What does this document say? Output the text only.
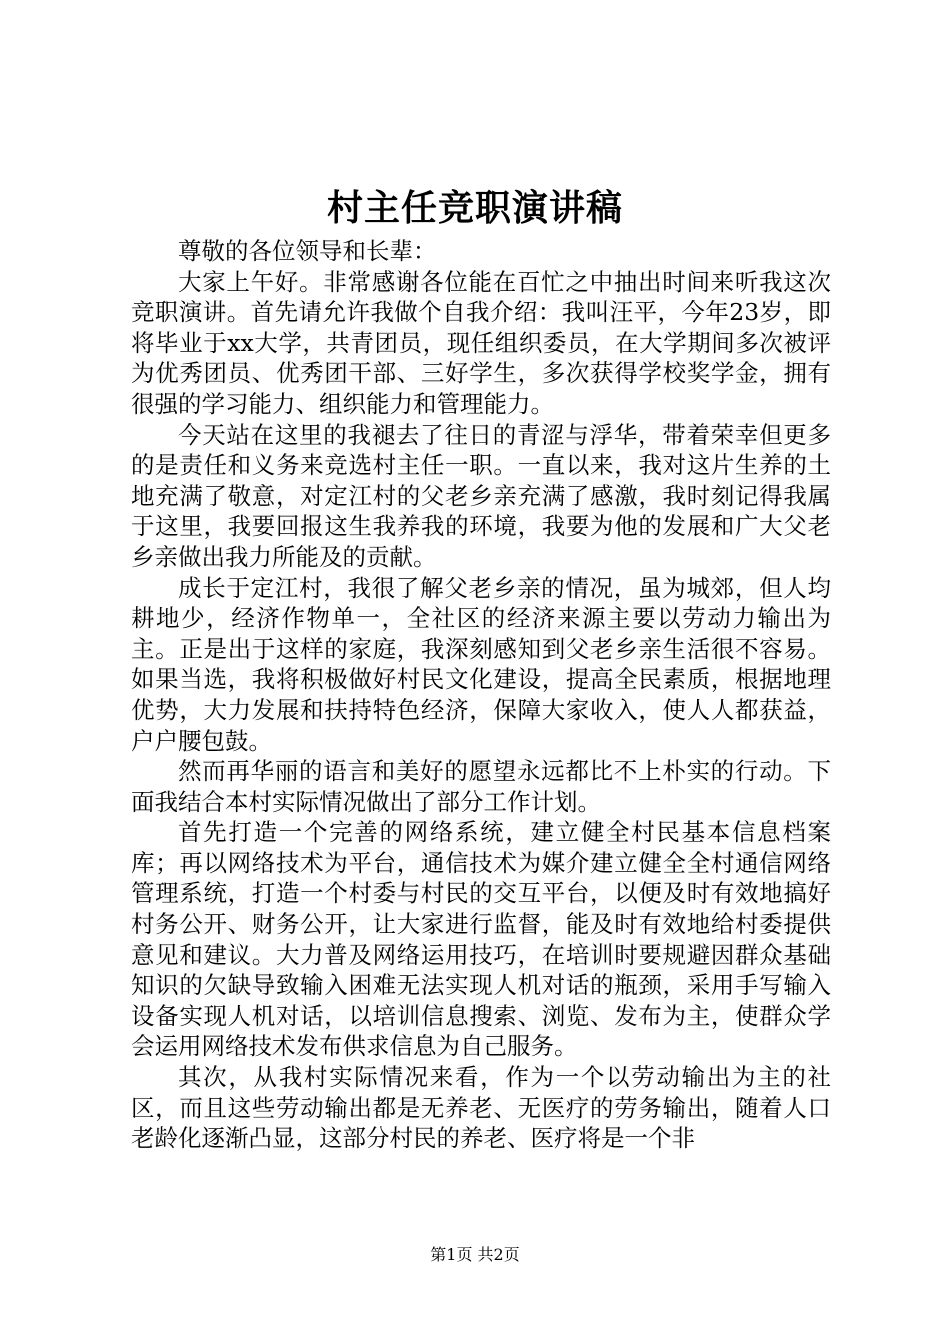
村主任竞职演讲稿

尊敬的各位领导和长辈：

大家上午好。非常感谢各位能在百忙之中抽出时间来听我这次竞职演讲。首先请允许我做个自我介绍：我叫汪平，今年23岁，即将毕业于xx大学，共青团员，现任组织委员，在大学期间多次被评为优秀团员、优秀团干部、三好学生，多次获得学校奖学金，拥有很强的学习能力、组织能力和管理能力。

今天站在这里的我褪去了往日的青涩与浮华，带着荣幸但更多的是责任和义务来竞选村主任一职。一直以来，我对这片生养的土地充满了敬意，对定江村的父老乡亲充满了感激，我时刻记得我属于这里，我要回报这生我养我的环境，我要为他的发展和广大父老乡亲做出我力所能及的贡献。

成长于定江村，我很了解父老乡亲的情况，虽为城郊，但人均耕地少，经济作物单一，全社区的经济来源主要以劳动力输出为主。正是出于这样的家庭，我深刻感知到父老乡亲生活很不容易。如果当选，我将积极做好村民文化建设，提高全民素质，根据地理优势，大力发展和扶持特色经济，保障大家收入，使人人都获益，户户腰包鼓。

然而再华丽的语言和美好的愿望永远都比不上朴实的行动。下面我结合本村实际情况做出了部分工作计划。

首先打造一个完善的网络系统，建立健全村民基本信息档案库；再以网络技术为平台，通信技术为媒介建立健全全村通信网络管理系统，打造一个村委与村民的交互平台，以便及时有效地搞好村务公开、财务公开，让大家进行监督，能及时有效地给村委提供意见和建议。大力普及网络运用技巧，在培训时要规避因群众基础知识的欠缺导致输入困难无法实现人机对话的瓶颈，采用手写输入设备实现人机对话，以培训信息搜索、浏览、发布为主，使群众学会运用网络技术发布供求信息为自己服务。

其次，从我村实际情况来看，作为一个以劳动输出为主的社区，而且这些劳动输出都是无养老、无医疗的劳务输出，随着人口老龄化逐渐凸显，这部分村民的养老、医疗将是一个非

第1页 共2页
